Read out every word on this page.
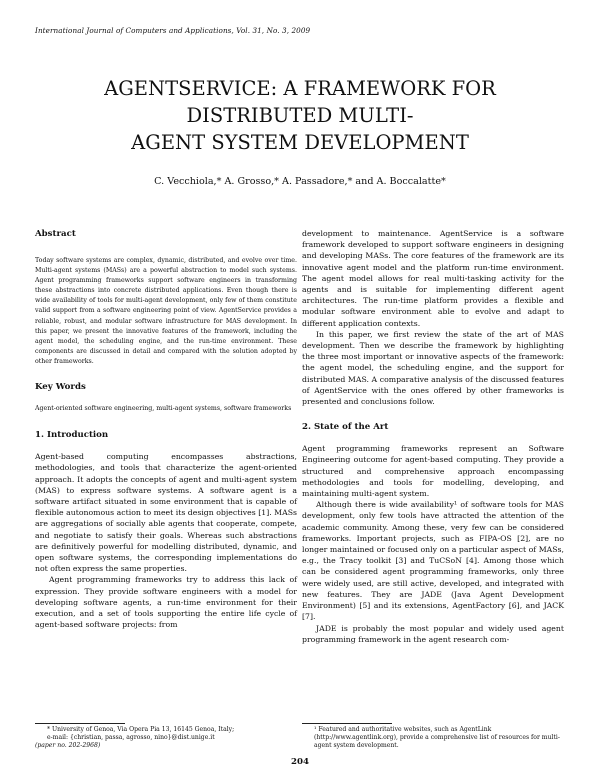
International Journal of Computers and Applications, Vol. 31, No. 3, 2009
AGENTSERVICE: A FRAMEWORK FOR
DISTRIBUTED MULTI-
AGENT SYSTEM DEVELOPMENT
C. Vecchiola,* A. Grosso,* A. Passadore,* and A. Boccalatte*
Abstract

Today software systems are complex, dynamic, distributed, and evolve over time. Multi-agent systems (MASs) are a powerful abstraction to model such systems. Agent programming frameworks support software engineers in transforming these abstractions into concrete distributed applications. Even though there is wide availability of tools for multi-agent development, only few of them constitute valid support from a software engineering point of view. AgentService provides a reliable, robust, and modular software infrastructure for MAS development. In this paper, we present the innovative features of the framework, including the agent model, the scheduling engine, and the run-time environment. These components are discussed in detail and compared with the solution adopted by other frameworks.

Key Words

Agent-oriented software engineering, multi-agent systems, software frameworks

1. Introduction

Agent-based computing encompasses abstractions, methodologies, and tools that characterize the agent-oriented approach. It adopts the concepts of agent and multi-agent system (MAS) to express software systems. A software agent is a software artifact situated in some environment that is capable of flexible autonomous action to meet its design objectives [1]. MASs are aggregations of socially able agents that cooperate, compete, and negotiate to satisfy their goals. Whereas such abstractions are definitively powerful for modelling distributed, dynamic, and open software systems, the corresponding implementations do not often express the same properties.

Agent programming frameworks try to address this lack of expression. They provide software engineers with a model for developing software agents, a run-time environment for their execution, and a set of tools supporting the entire life cycle of agent-based software projects: from

development to maintenance. AgentService is a software framework developed to support software engineers in designing and developing MASs. The core features of the framework are its innovative agent model and the platform run-time environment. The agent model allows for real multi-tasking activity for the agents and is suitable for implementing different agent architectures. The run-time platform provides a flexible and modular software environment able to evolve and adapt to different application contexts.

In this paper, we first review the state of the art of MAS development. Then we describe the framework by highlighting the three most important or innovative aspects of the framework: the agent model, the scheduling engine, and the support for distributed MAS. A comparative analysis of the discussed features of AgentService with the ones offered by other frameworks is presented and conclusions follow.

2. State of the Art

Agent programming frameworks represent an Software Engineering outcome for agent-based computing. They provide a structured and comprehensive approach encompassing methodologies and tools for modelling, developing, and maintaining multi-agent system.

Although there is wide availability¹ of software tools for MAS development, only few tools have attracted the attention of the academic community. Among these, very few can be considered frameworks. Important projects, such as FIPA-OS [2], are no longer maintained or focused only on a particular aspect of MASs, e.g., the Tracy toolkit [3] and TuCSoN [4]. Among those which can be considered agent programming frameworks, only three were widely used, are still active, developed, and integrated with new features. They are JADE (Java Agent Development Environment) [5] and its extensions, AgentFactory [6], and JACK [7].

JADE is probably the most popular and widely used agent programming framework in the agent research com-

* University of Genoa, Via Opera Pia 13, 16145 Genoa, Italy;

e-mail: {christian, passa, agrosso, nino}@dist.unige.it

(paper no. 202-2968)

¹ Featured and authoritative websites, such as AgentLink (http://www.agentlink.org), provide a comprehensive list of resources for multi-agent system development.

204
